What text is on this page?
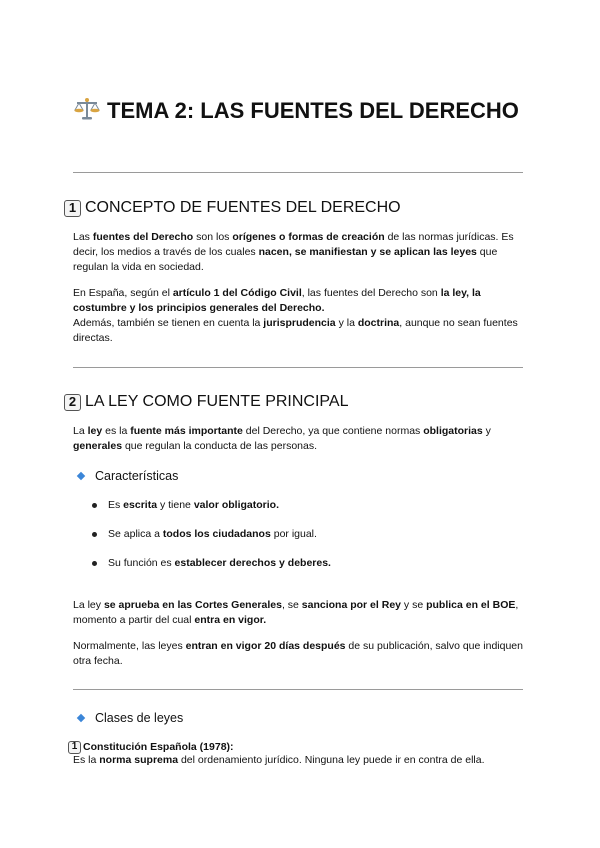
TEMA 2: LAS FUENTES DEL DERECHO
1 CONCEPTO DE FUENTES DEL DERECHO
Las fuentes del Derecho son los orígenes o formas de creación de las normas jurídicas. Es decir, los medios a través de los cuales nacen, se manifiestan y se aplican las leyes que regulan la vida en sociedad.
En España, según el artículo 1 del Código Civil, las fuentes del Derecho son la ley, la costumbre y los principios generales del Derecho.
Además, también se tienen en cuenta la jurisprudencia y la doctrina, aunque no sean fuentes directas.
2 LA LEY COMO FUENTE PRINCIPAL
La ley es la fuente más importante del Derecho, ya que contiene normas obligatorias y generales que regulan la conducta de las personas.
Características
Es escrita y tiene valor obligatorio.
Se aplica a todos los ciudadanos por igual.
Su función es establecer derechos y deberes.
La ley se aprueba en las Cortes Generales, se sanciona por el Rey y se publica en el BOE, momento a partir del cual entra en vigor.
Normalmente, las leyes entran en vigor 20 días después de su publicación, salvo que indiquen otra fecha.
Clases de leyes
1 Constitución Española (1978):
Es la norma suprema del ordenamiento jurídico. Ninguna ley puede ir en contra de ella.
